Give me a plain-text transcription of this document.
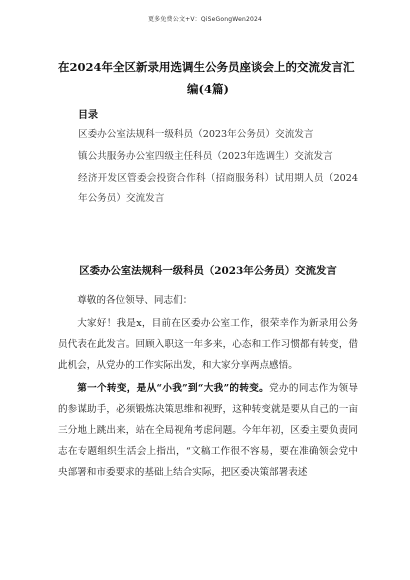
更多免费公文+V：QiSeGongWen2024
在2024年全区新录用选调生公务员座谈会上的交流发言汇
编(4篇)
目录
区委办公室法规科一级科员（2023年公务员）交流发言
镇公共服务办公室四级主任科员（2023年选调生）交流发言
经济开发区管委会投资合作科（招商服务科）试用期人员（2024年公务员）交流发言
区委办公室法规科一级科员（2023年公务员）交流发言

尊敬的各位领导、同志们：

大家好！我是x，目前在区委办公室工作，很荣幸作为新录用公务员代表在此发言。回顾入职这一年多来，心态和工作习惯都有转变，借此机会，从党办的工作实际出发，和大家分享两点感悟。

第一个转变，是从“小我”到“大我”的转变。党办的同志作为领导的参谋助手，必须锻炼决策思维和视野，这种转变就是要从自己的一亩三分地上跳出来，站在全局视角考虑问题。今年年初，区委主要负责同志在专题组织生活会上指出，“文稿工作很不容易，要在准确领会党中央部署和市委要求的基础上结合实际，把区委决策部署表述
